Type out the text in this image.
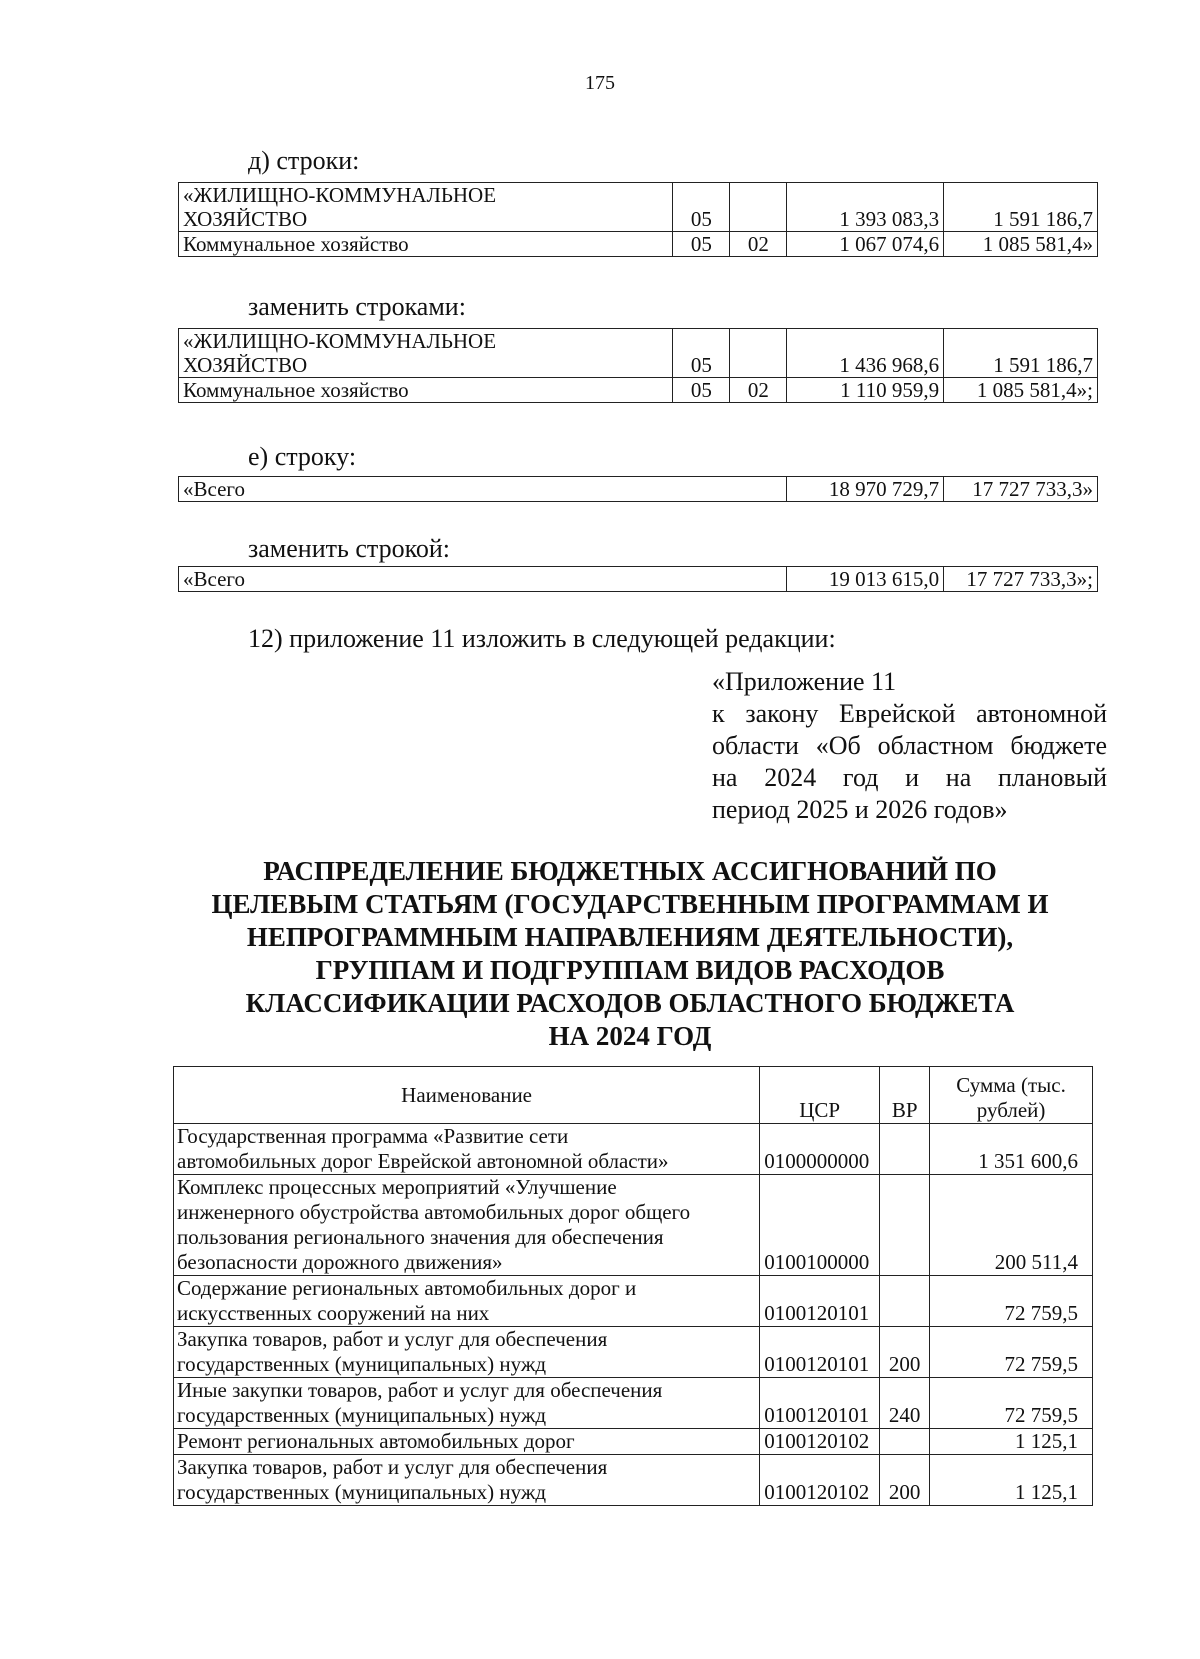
175
д) строки:
«ЖИЛИЩНО-КОММУНАЛЬНОЕ
ХОЗЯЙСТВО	05		1 393 083,3	1 591 186,7
Коммунальное хозяйство	05	02	1 067 074,6	1 085 581,4»
заменить строками:
«ЖИЛИЩНО-КОММУНАЛЬНОЕ
ХОЗЯЙСТВО	05		1 436 968,6	1 591 186,7
Коммунальное хозяйство	05	02	1 110 959,9	1 085 581,4»;
е) строку:
«Всего	18 970 729,7	17 727 733,3»
заменить строкой:
«Всего	19 013 615,0	17 727 733,3»;
12) приложение 11 изложить в следующей редакции:
«Приложение 11
к закону Еврейской автономной
области «Об областном бюджете
на 2024 год и на плановый
период 2025 и 2026 годов»
РАСПРЕДЕЛЕНИЕ БЮДЖЕТНЫХ АССИГНОВАНИЙ ПО
ЦЕЛЕВЫМ СТАТЬЯМ (ГОСУДАРСТВЕННЫМ ПРОГРАММАМ И
НЕПРОГРАММНЫМ НАПРАВЛЕНИЯМ ДЕЯТЕЛЬНОСТИ),
ГРУППАМ И ПОДГРУППАМ ВИДОВ РАСХОДОВ
КЛАССИФИКАЦИИ РАСХОДОВ ОБЛАСТНОГО БЮДЖЕТА
НА 2024 ГОД
Наименование	ЦСР	ВР	Сумма (тыс.
рублей)

Государственная программа «Развитие сети
автомобильных дорог Еврейской автономной области»	0100000000		1 351 600,6

Комплекс процессных мероприятий «Улучшение
инженерного обустройства автомобильных дорог общего
пользования регионального значения для обеспечения
безопасности дорожного движения»	0100100000		200 511,4

Содержание региональных автомобильных дорог и
искусственных сооружений на них	0100120101		72 759,5

Закупка товаров, работ и услуг для обеспечения
государственных (муниципальных) нужд	0100120101	200	72 759,5

Иные закупки товаров, работ и услуг для обеспечения
государственных (муниципальных) нужд	0100120101	240	72 759,5

Ремонт региональных автомобильных дорог	0100120102		1 125,1

Закупка товаров, работ и услуг для обеспечения
государственных (муниципальных) нужд	0100120102	200	1 125,1
